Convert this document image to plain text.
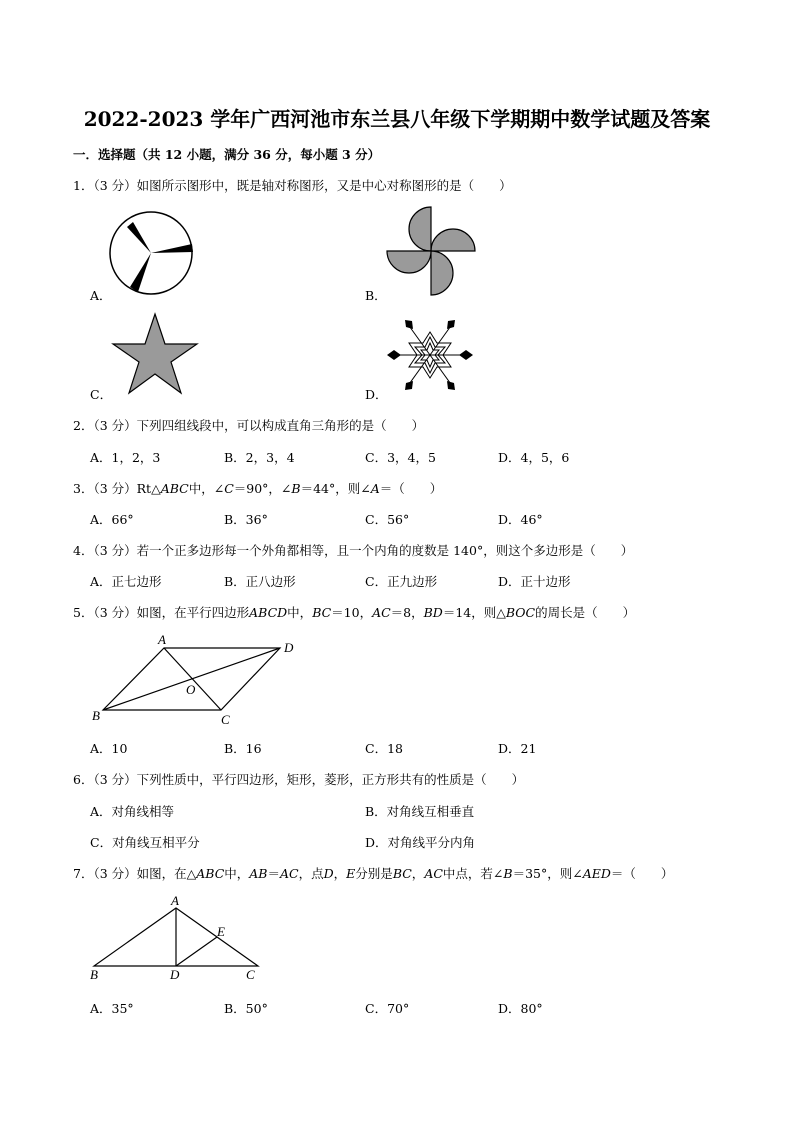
2022-2023 学年广西河池市东兰县八年级下学期期中数学试题及答案
一．选择题（共 12 小题，满分 36 分，每小题 3 分）
1．（3 分）如图所示图形中，既是轴对称图形，又是中心对称图形的是（　　）
A．	B．
C．	D．
2．（3 分）下列四组线段中，可以构成直角三角形的是（　　）
A．1，2，3	B．2，3，4	C．3，4，5	D．4，5，6
3．（3 分）Rt△ABC中，∠C＝90°，∠B＝44°，则∠A＝（　　）
A．66°	B．36°	C．56°	D．46°
4．（3 分）若一个正多边形每一个外角都相等，且一个内角的度数是 140°，则这个多边形是（　　）
A．正七边形	B．正八边形	C．正九边形	D．正十边形
5．（3 分）如图，在平行四边形ABCD中，BC＝10，AC＝8，BD＝14，则△BOC的周长是（　　）
A
D
O
B	C
A．10	B．16	C．18	D．21
6．（3 分）下列性质中，平行四边形，矩形，菱形，正方形共有的性质是（　　）
A．对角线相等	B．对角线互相垂直
C．对角线互相平分	D．对角线平分内角
7．（3 分）如图，在△ABC中，AB＝AC，点D，E分别是BC，AC中点，若∠B＝35°，则∠AED＝（　　）
A
E
B	D	C
A．35°	B．50°	C．70°	D．80°
